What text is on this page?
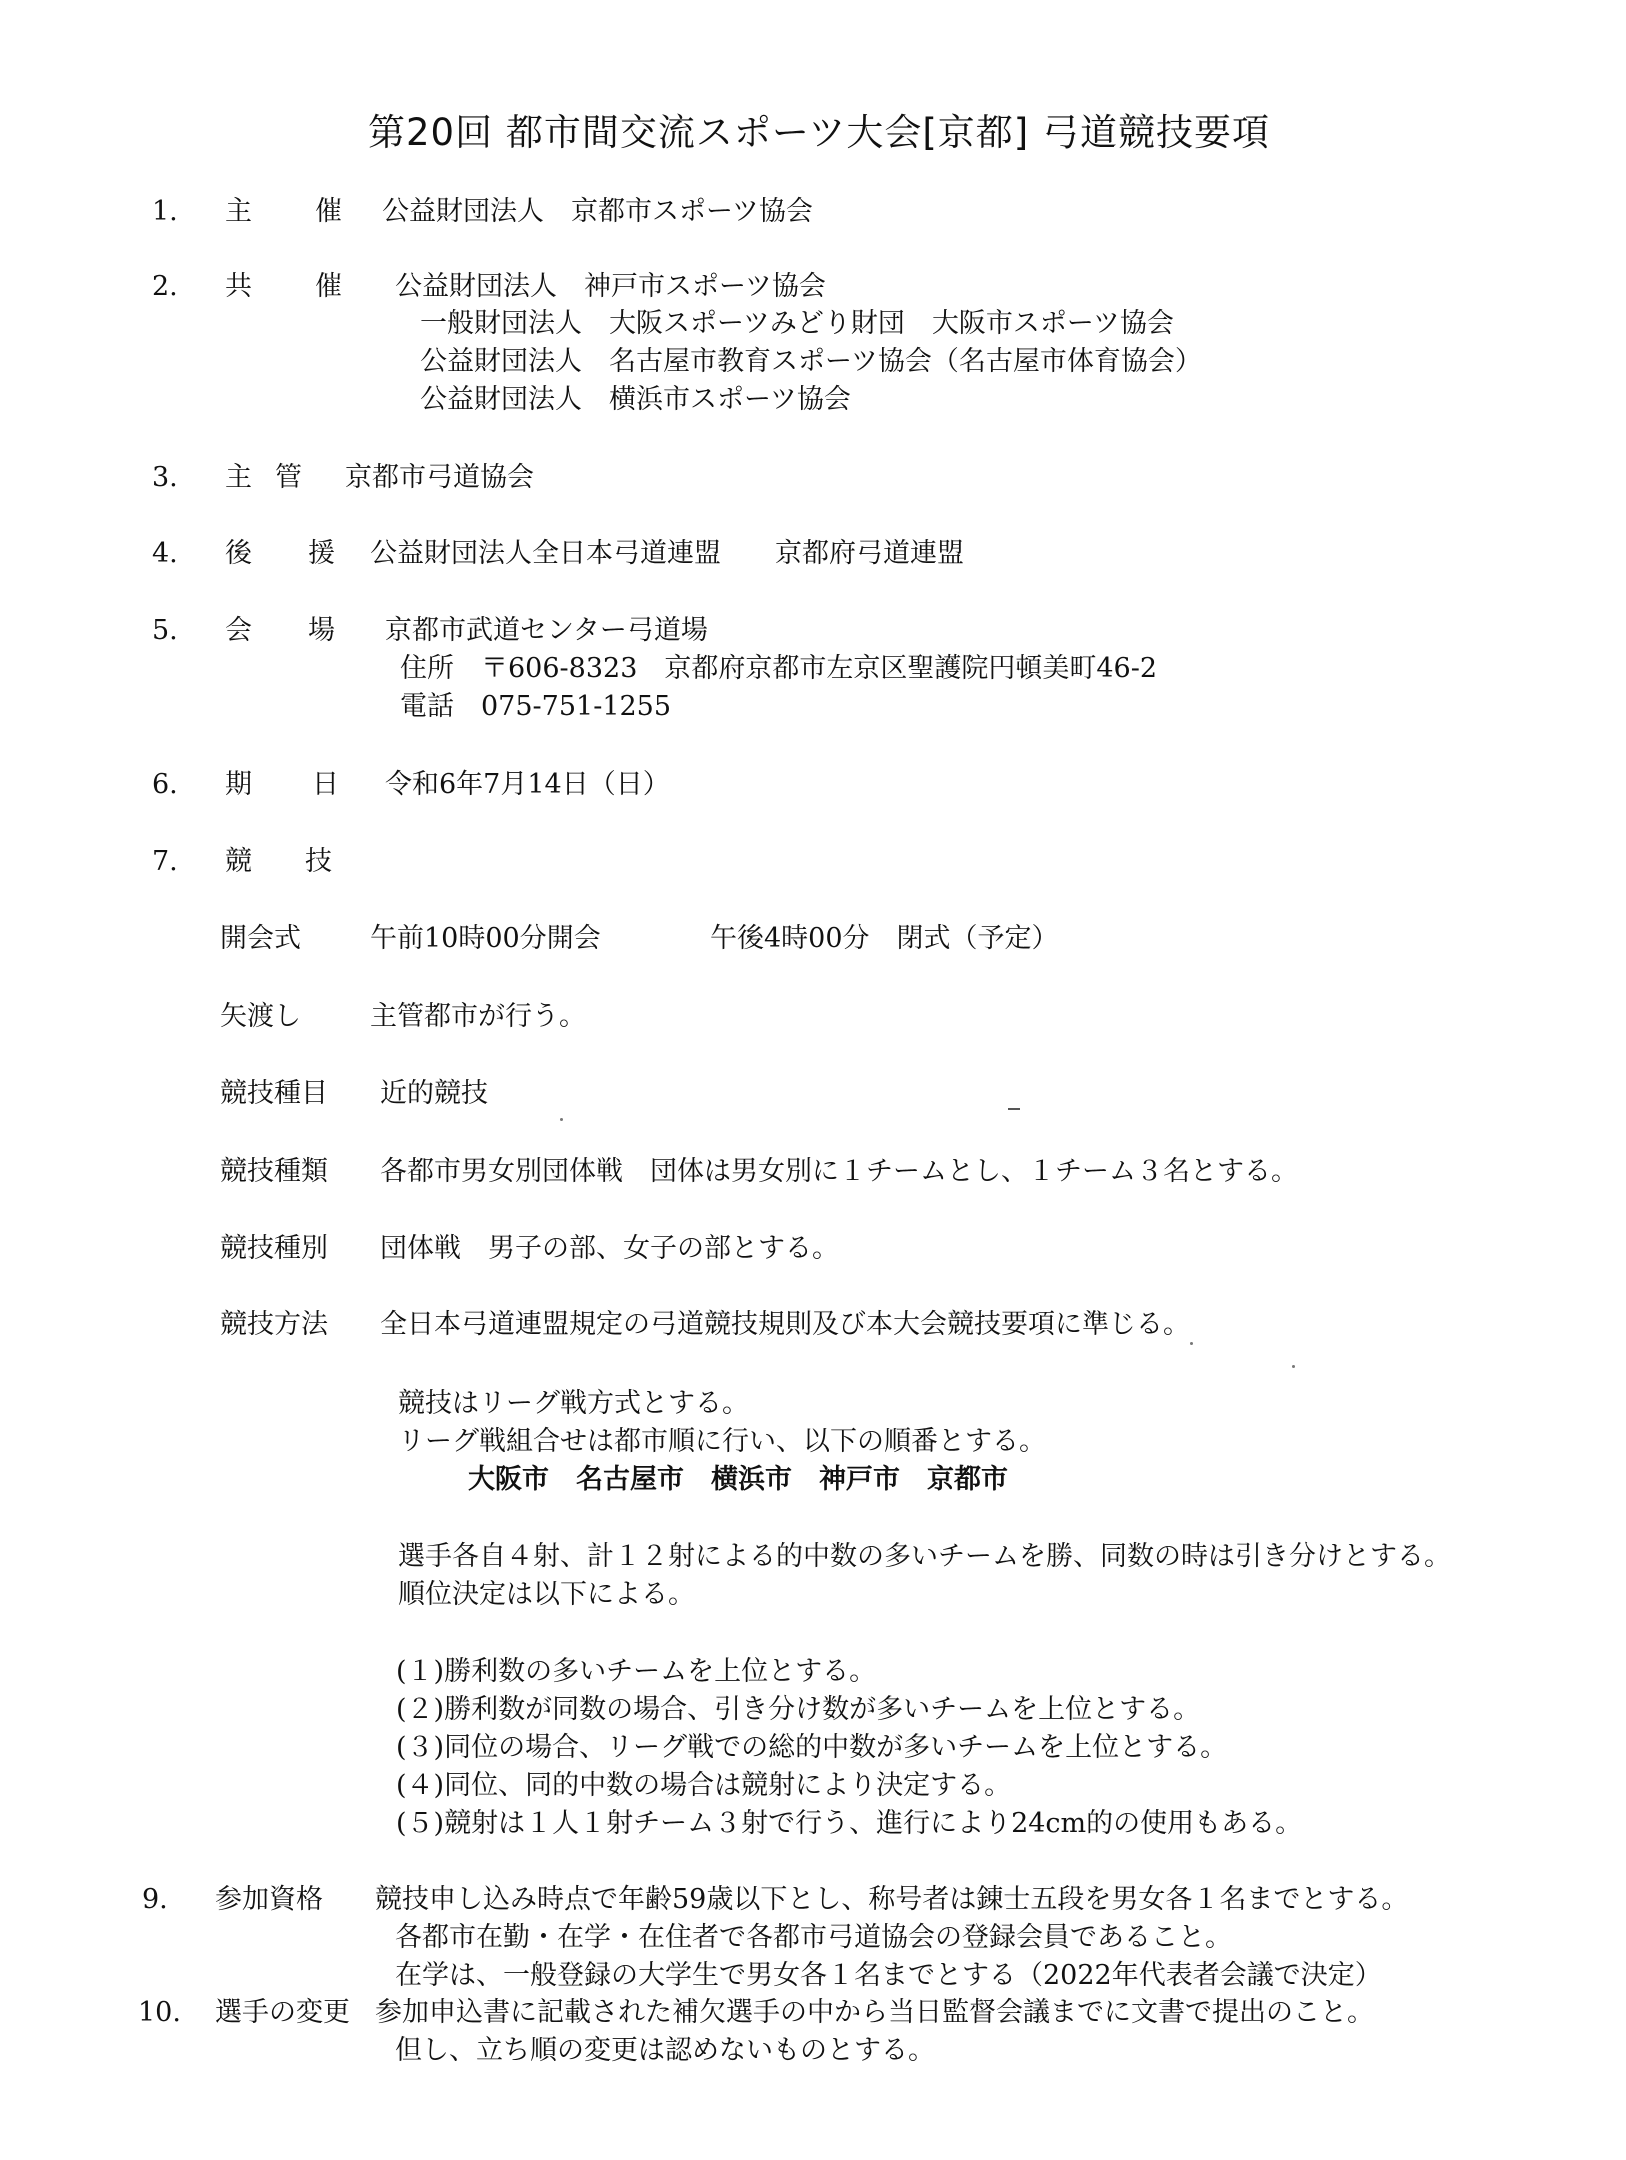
第20回 都市間交流スポーツ大会[京都] 弓道競技要項
1.	主 催 公益財団法人　京都市スポーツ協会
2.	共 催 公益財団法人　神戸市スポーツ協会
一般財団法人　大阪スポーツみどり財団　大阪市スポーツ協会
公益財団法人　名古屋市教育スポーツ協会（名古屋市体育協会）
公益財団法人　横浜市スポーツ協会
3.	主 管 京都市弓道協会
4.	後 援 公益財団法人全日本弓道連盟　　京都府弓道連盟
5.	会 場 京都市武道センター弓道場
住所　〒606-8323　京都府京都市左京区聖護院円頓美町46-2
電話　075-751-1255
6.	期 日 令和6年7月14日（日）
7.	競 技
開会式	午前10時00分開会	午後4時00分　閉式（予定）
矢渡し	主管都市が行う。
競技種目 近的競技
競技種類 各都市男女別団体戦　団体は男女別に１チームとし、１チーム３名とする。
競技種別 団体戦　男子の部、女子の部とする。
競技方法 全日本弓道連盟規定の弓道競技規則及び本大会競技要項に準じる。
競技はリーグ戦方式とする。
リーグ戦組合せは都市順に行い、以下の順番とする。
大阪市　名古屋市　横浜市　神戸市　京都市
選手各自４射、計１２射による的中数の多いチームを勝、同数の時は引き分けとする。
順位決定は以下による。
(１)勝利数の多いチームを上位とする。
(２)勝利数が同数の場合、引き分け数が多いチームを上位とする。
(３)同位の場合、リーグ戦での総的中数が多いチームを上位とする。
(４)同位、同的中数の場合は競射により決定する。
(５)競射は１人１射チーム３射で行う、進行により24cm的の使用もある。
9.	参加資格 競技申し込み時点で年齢59歳以下とし、称号者は錬士五段を男女各１名までとする。
各都市在勤・在学・在住者で各都市弓道協会の登録会員であること。
在学は、一般登録の大学生で男女各１名までとする（2022年代表者会議で決定）
10.	選手の変更 参加申込書に記載された補欠選手の中から当日監督会議までに文書で提出のこと。
但し、立ち順の変更は認めないものとする。
